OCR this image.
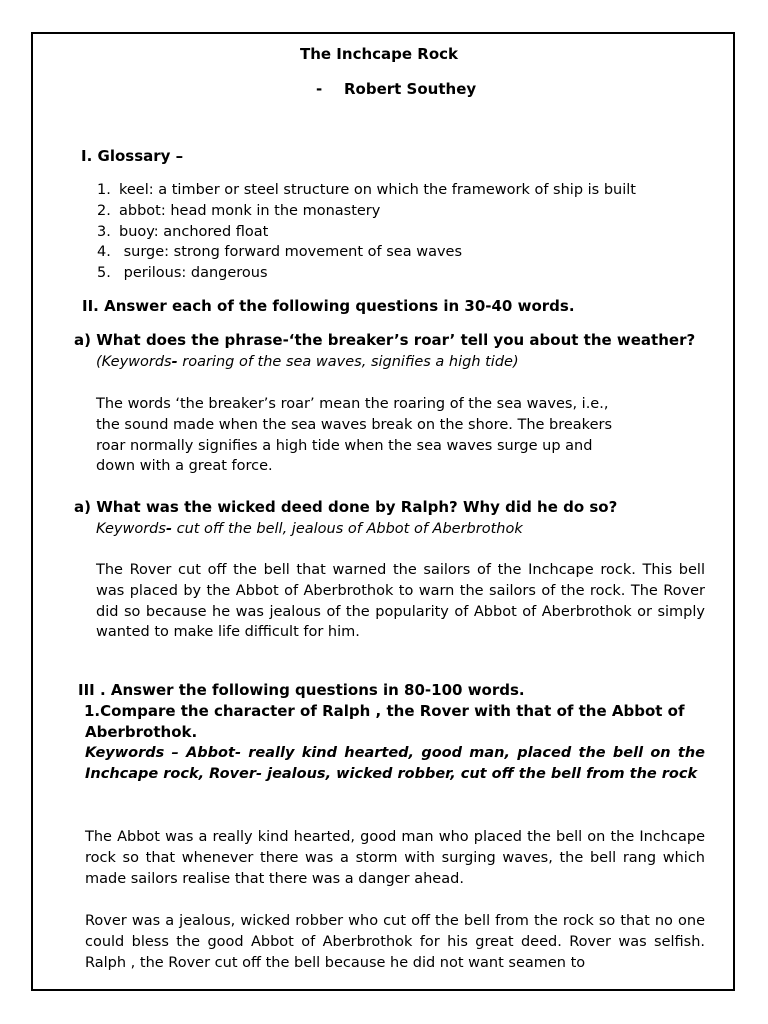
The Inchcape Rock
- Robert Southey
I. Glossary –
1. keel: a timber or steel structure on which the framework of ship is built
2. abbot: head monk in the monastery
3. buoy: anchored float
4. surge: strong forward movement of sea waves
5. perilous: dangerous
II. Answer each of the following questions in 30-40 words.
a) What does the phrase-‘the breaker’s roar’ tell you about the weather?
(Keywords- roaring of the sea waves, signifies a high tide)
The words ‘the breaker’s roar’ mean the roaring of the sea waves, i.e.,
the sound made when the sea waves break on the shore. The breakers
roar normally signifies a high tide when the sea waves surge up and
down with a great force.
a) What was the wicked deed done by Ralph? Why did he do so?
Keywords- cut off the bell, jealous of Abbot of Aberbrothok
The Rover cut off the bell that warned the sailors of the Inchcape rock. This bell was placed by the Abbot of Aberbrothok to warn the sailors of the rock. The Rover did so because he was jealous of the popularity of Abbot of Aberbrothok or simply wanted to make life difficult for him.
III . Answer the following questions in 80-100 words.
1.Compare the character of Ralph , the Rover with that of the Abbot of
Aberbrothok.
Keywords – Abbot- really kind hearted, good man, placed the bell on the Inchcape rock, Rover- jealous, wicked robber, cut off the bell from the rock
The Abbot was a really kind hearted, good man who placed the bell on the Inchcape rock so that whenever there was a storm with surging waves, the bell rang which made sailors realise that there was a danger ahead.
Rover was a jealous, wicked robber who cut off the bell from the rock so that no one could bless the good Abbot of Aberbrothok for his great deed. Rover was selfish. Ralph , the Rover cut off the bell because he did not want seamen to
